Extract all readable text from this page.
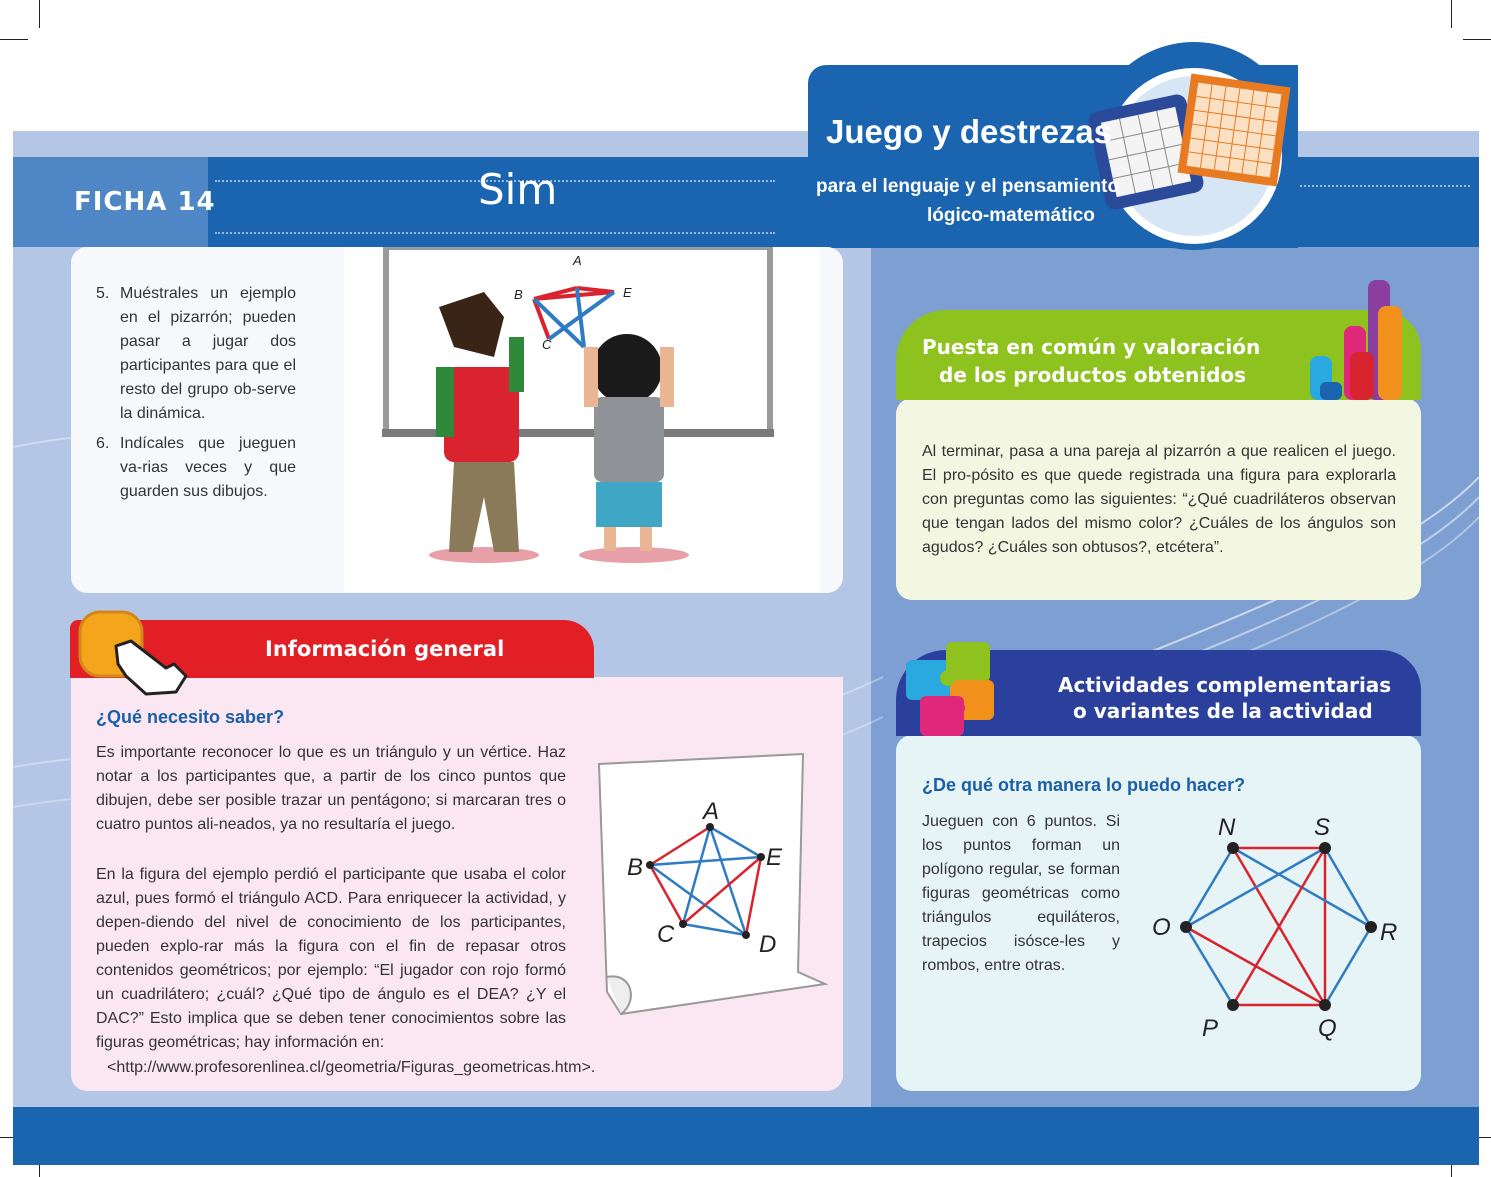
FICHA 14	Sim
Juego y destrezas
para el lenguaje y el pensamiento
lógico-matemático
5. Muéstrales un ejemplo en el pizarrón; pueden pasar a jugar dos participantes para que el resto del grupo ob-serve la dinámica.
6. Indícales que jueguen va-rias veces y que guarden sus dibujos.
A
B	E
C
Información general
¿Qué necesito saber?
Es importante reconocer lo que es un triángulo y un vértice. Haz notar a los participantes que, a partir de los cinco puntos que dibujen, debe ser posible trazar un pentágono; si marcaran tres o cuatro puntos ali-neados, ya no resultaría el juego.
En la figura del ejemplo perdió el participante que usaba el color azul, pues formó el triángulo ACD. Para enriquecer la actividad, y depen-diendo del nivel de conocimiento de los participantes, pueden explo-rar más la figura con el fin de repasar otros contenidos geométricos; por ejemplo: “El jugador con rojo formó un cuadrilátero; ¿cuál? ¿Qué tipo de ángulo es el DEA? ¿Y el DAC?” Esto implica que se deben tener conocimientos sobre las figuras geométricas; hay información en:
<http://www.profesorenlinea.cl/geometria/Figuras_geometricas.htm>.
A
B	E
C	D
Puesta en común y valoración
de los productos obtenidos
Al terminar, pasa a una pareja al pizarrón a que realicen el juego. El pro-pósito es que quede registrada una figura para explorarla con preguntas como las siguientes: “¿Qué cuadriláteros observan que tengan lados del mismo color? ¿Cuáles de los ángulos son agudos? ¿Cuáles son obtusos?, etcétera”.
Actividades complementarias
o variantes de la actividad
¿De qué otra manera lo puedo hacer?
Jueguen con 6 puntos. Si los puntos forman un polígono regular, se forman figuras geométricas como triángulos equiláteros, trapecios isósce-les y rombos, entre otras.
N	S
O	R
P	Q
